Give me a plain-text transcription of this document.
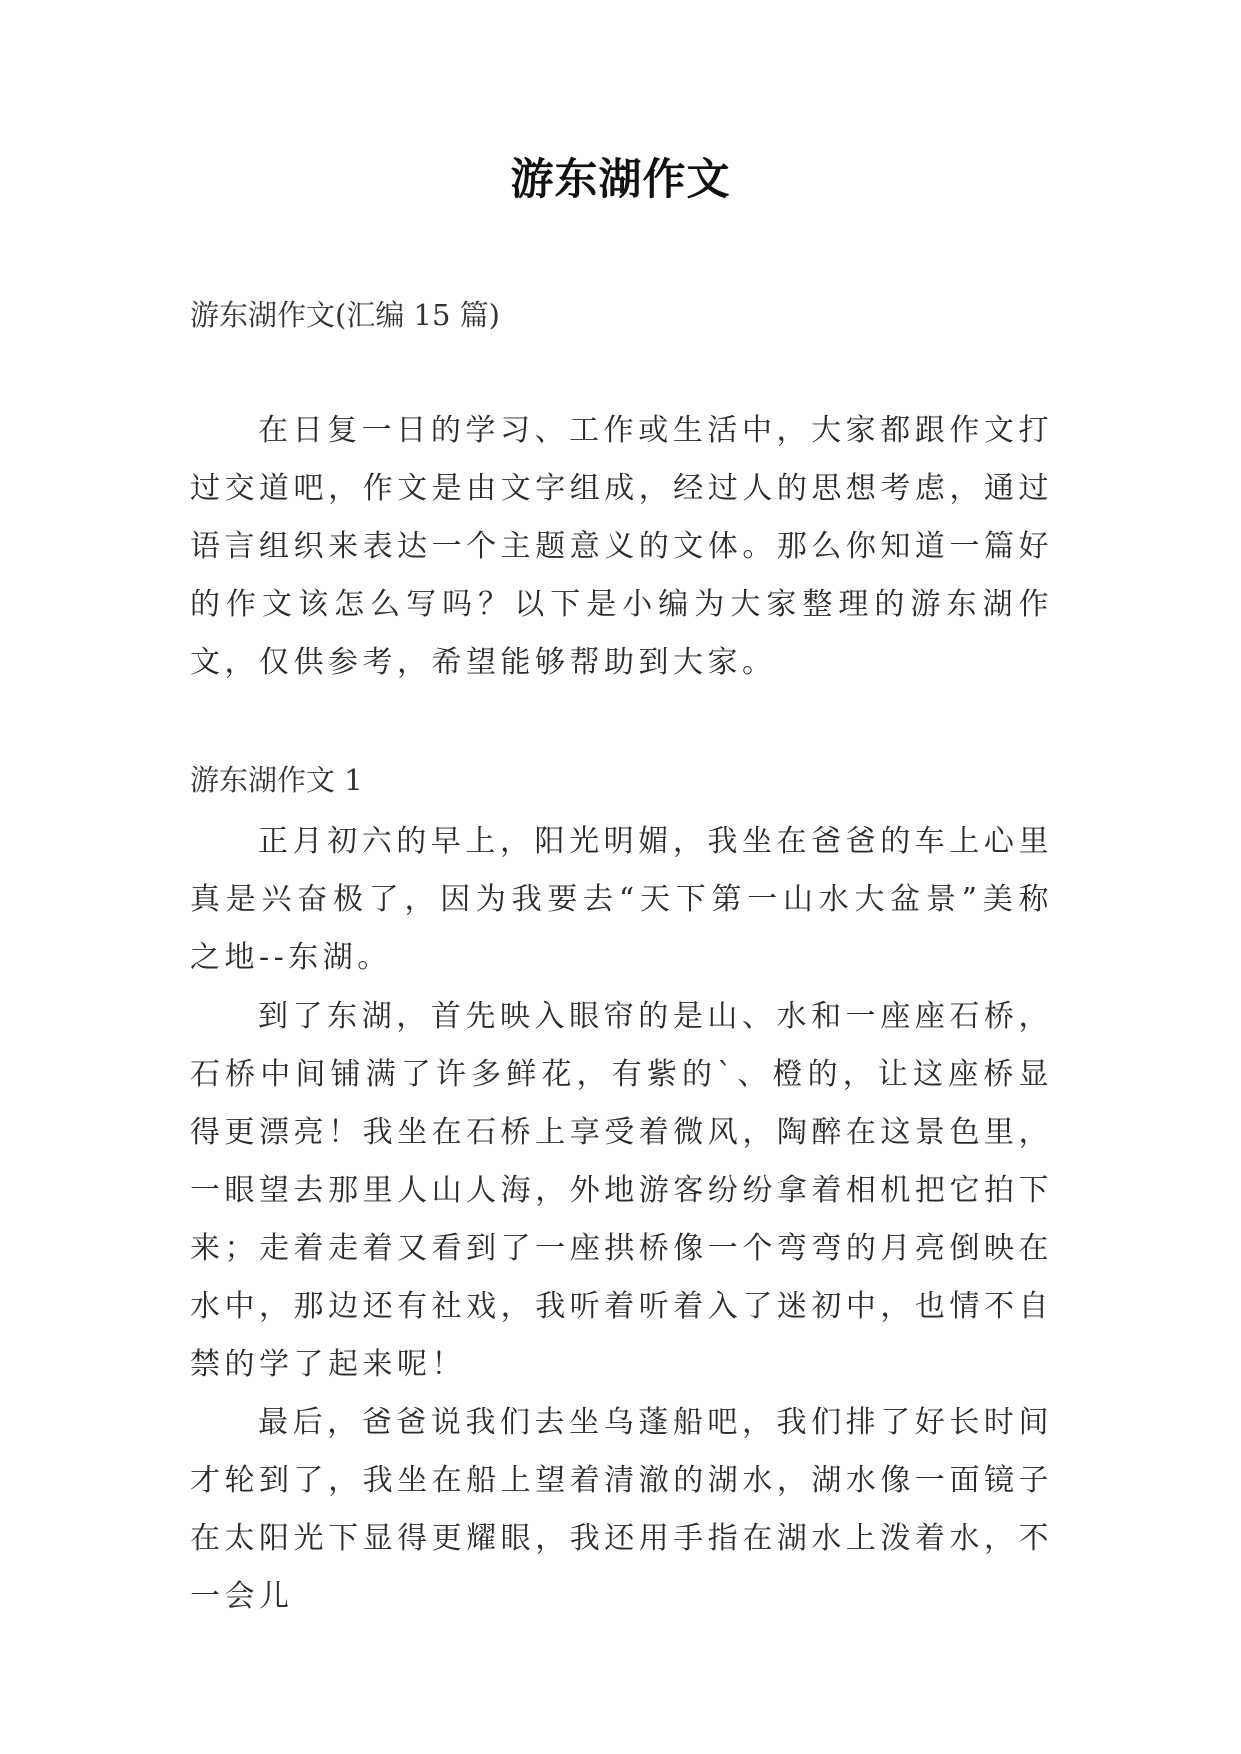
游东湖作文

游东湖作文(汇编 15 篇)

在日复一日的学习、工作或生活中，大家都跟作文打过交道吧，作文是由文字组成，经过人的思想考虑，通过语言组织来表达一个主题意义的文体。那么你知道一篇好的作文该怎么写吗？以下是小编为大家整理的游东湖作文，仅供参考，希望能够帮助到大家。

游东湖作文 1

正月初六的早上，阳光明媚，我坐在爸爸的车上心里真是兴奋极了，因为我要去“天下第一山水大盆景”美称之地--东湖。

到了东湖，首先映入眼帘的是山、水和一座座石桥，石桥中间铺满了许多鲜花，有紫的`、橙的，让这座桥显得更漂亮！我坐在石桥上享受着微风，陶醉在这景色里，一眼望去那里人山人海，外地游客纷纷拿着相机把它拍下来；走着走着又看到了一座拱桥像一个弯弯的月亮倒映在水中，那边还有社戏，我听着听着入了迷初中，也情不自禁的学了起来呢！

最后，爸爸说我们去坐乌蓬船吧，我们排了好长时间才轮到了，我坐在船上望着清澈的湖水，湖水像一面镜子在太阳光下显得更耀眼，我还用手指在湖水上泼着水，不一会儿
